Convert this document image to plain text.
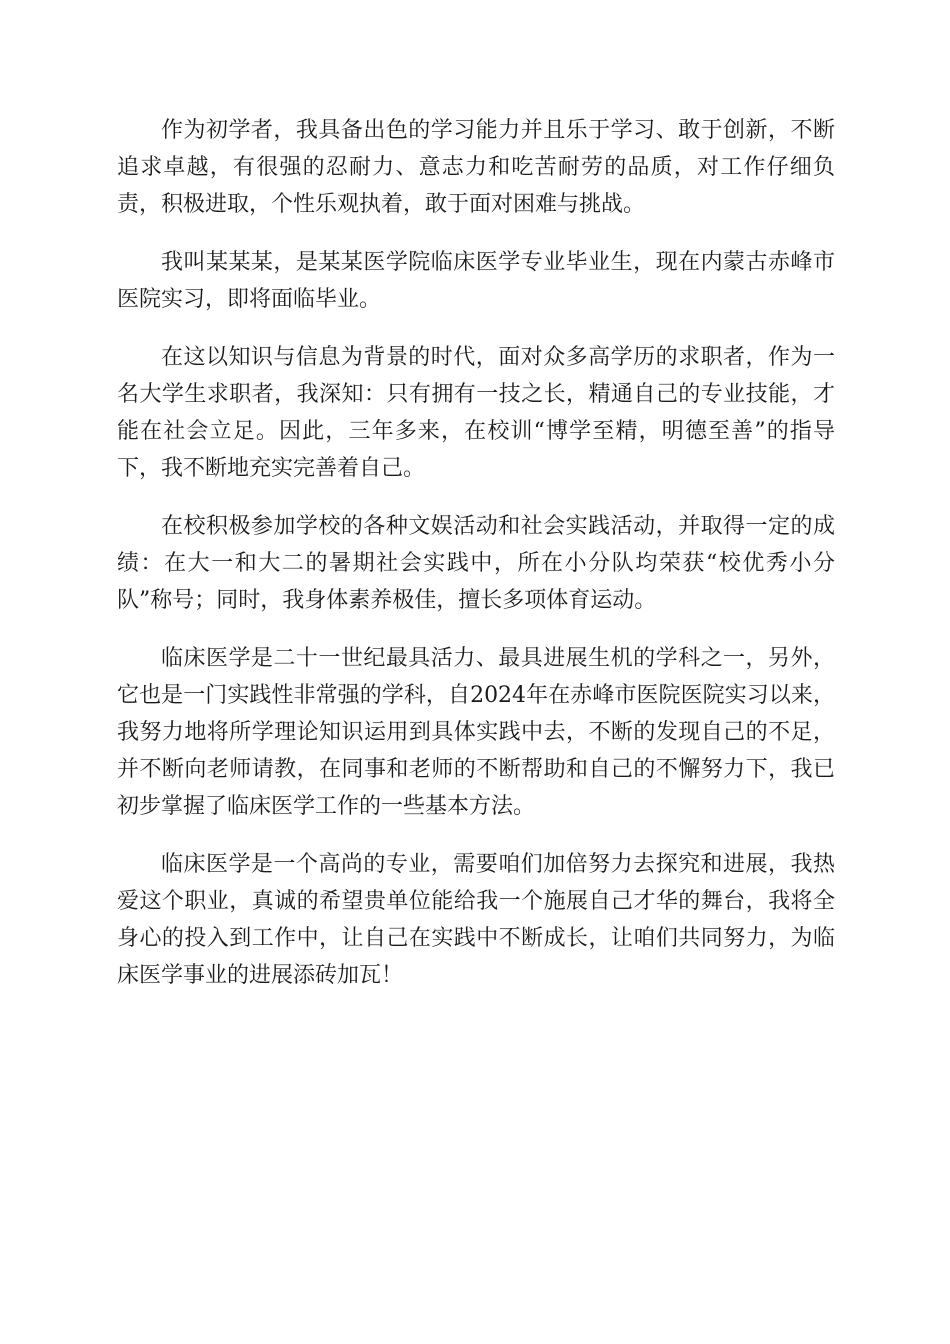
作为初学者，我具备出色的学习能力并且乐于学习、敢于创新，不断追求卓越，有很强的忍耐力、意志力和吃苦耐劳的品质，对工作仔细负责，积极进取，个性乐观执着，敢于面对困难与挑战。

我叫某某某，是某某医学院临床医学专业毕业生，现在内蒙古赤峰市医院实习，即将面临毕业。

在这以知识与信息为背景的时代，面对众多高学历的求职者，作为一名大学生求职者，我深知：只有拥有一技之长，精通自己的专业技能，才能在社会立足。因此，三年多来，在校训“博学至精，明德至善”的指导下，我不断地充实完善着自己。

在校积极参加学校的各种文娱活动和社会实践活动，并取得一定的成绩：在大一和大二的暑期社会实践中，所在小分队均荣获“校优秀小分队”称号；同时，我身体素养极佳，擅长多项体育运动。

临床医学是二十一世纪最具活力、最具进展生机的学科之一，另外，它也是一门实践性非常强的学科，自2024年在赤峰市医院医院实习以来，我努力地将所学理论知识运用到具体实践中去，不断的发现自己的不足，并不断向老师请教，在同事和老师的不断帮助和自己的不懈努力下，我已初步掌握了临床医学工作的一些基本方法。

临床医学是一个高尚的专业，需要咱们加倍努力去探究和进展，我热爱这个职业，真诚的希望贵单位能给我一个施展自己才华的舞台，我将全身心的投入到工作中，让自己在实践中不断成长，让咱们共同努力，为临床医学事业的进展添砖加瓦！
